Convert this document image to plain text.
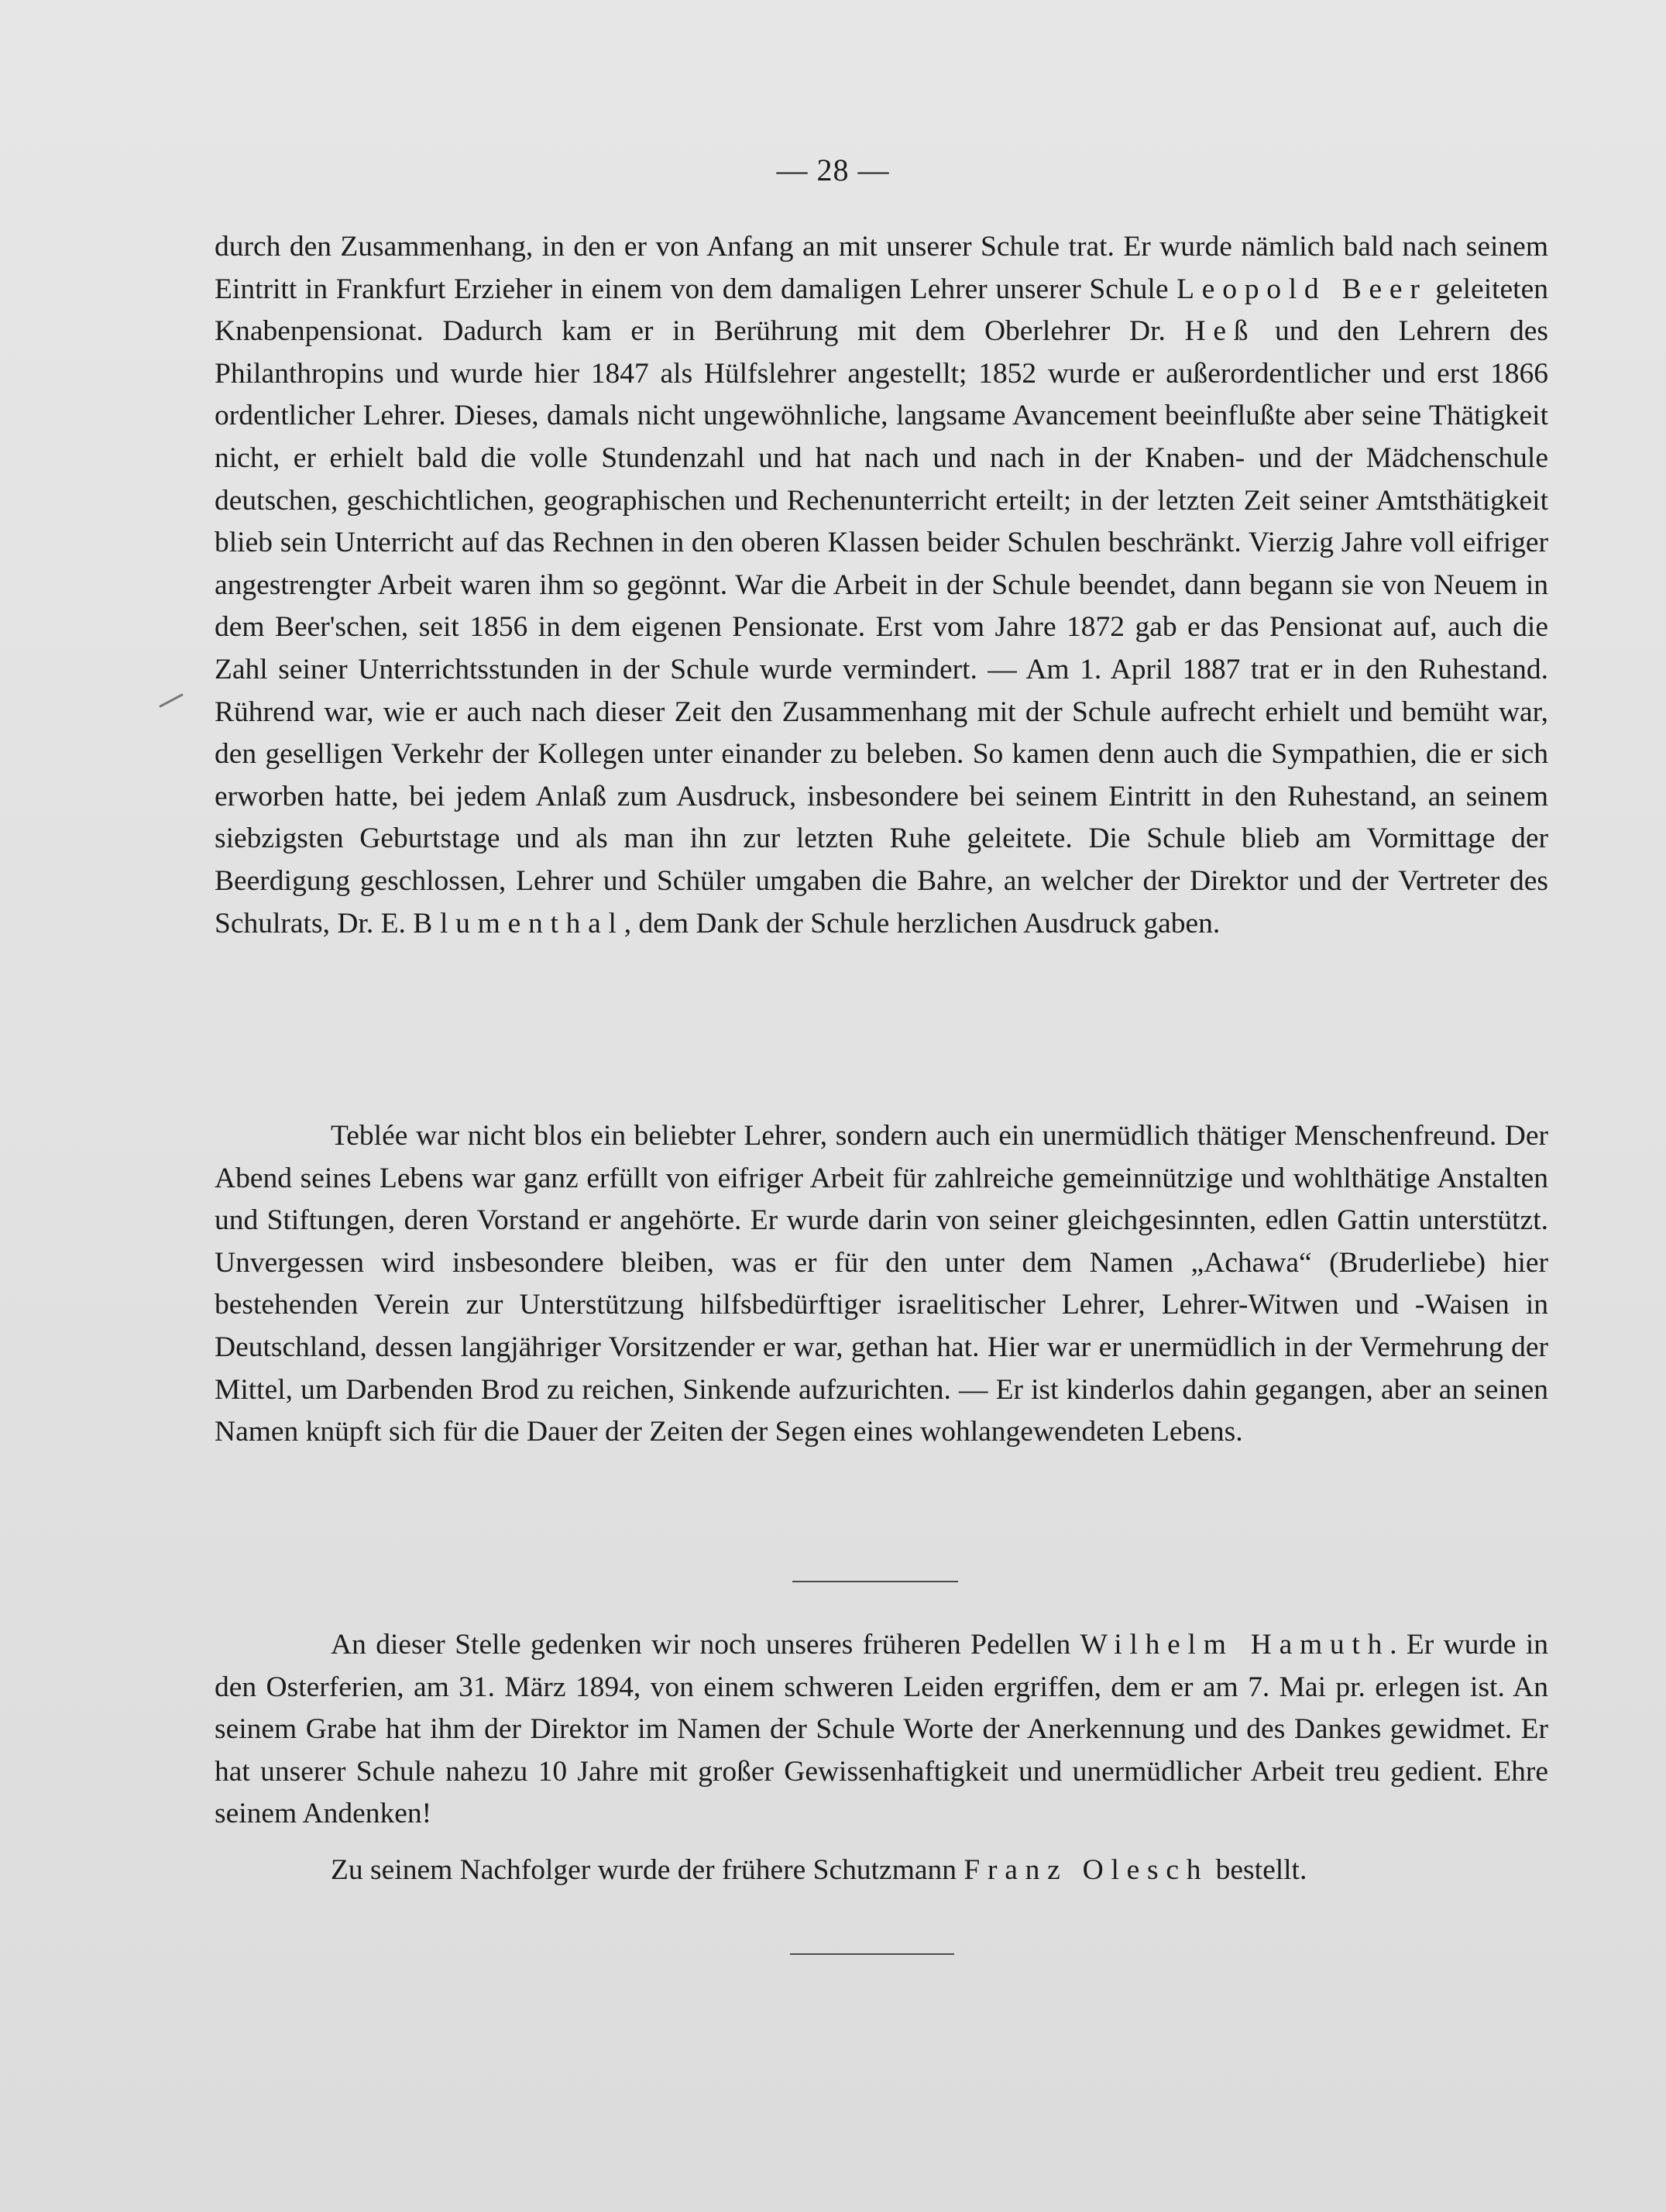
— 28 —

durch den Zusammenhang, in den er von Anfang an mit unserer Schule trat. Er wurde nämlich bald nach seinem Eintritt in Frankfurt Erzieher in einem von dem damaligen Lehrer unserer Schule Leopold Beer geleiteten Knabenpensionat. Dadurch kam er in Berührung mit dem Oberlehrer Dr. Heß und den Lehrern des Philanthropins und wurde hier 1847 als Hülfslehrer angestellt; 1852 wurde er außerordentlicher und erst 1866 ordentlicher Lehrer. Dieses, damals nicht ungewöhnliche, langsame Avancement beeinflußte aber seine Thätigkeit nicht, er erhielt bald die volle Stundenzahl und hat nach und nach in der Knaben- und der Mädchenschule deutschen, geschichtlichen, geographischen und Rechenunterricht erteilt; in der letzten Zeit seiner Amtsthätigkeit blieb sein Unterricht auf das Rechnen in den oberen Klassen beider Schulen beschränkt. Vierzig Jahre voll eifriger angestrengter Arbeit waren ihm so gegönnt. War die Arbeit in der Schule beendet, dann begann sie von Neuem in dem Beer'schen, seit 1856 in dem eigenen Pensionate. Erst vom Jahre 1872 gab er das Pensionat auf, auch die Zahl seiner Unterrichtsstunden in der Schule wurde vermindert. — Am 1. April 1887 trat er in den Ruhestand. Rührend war, wie er auch nach dieser Zeit den Zusammenhang mit der Schule aufrecht erhielt und bemüht war, den geselligen Verkehr der Kollegen unter einander zu beleben. So kamen denn auch die Sympathien, die er sich erworben hatte, bei jedem Anlaß zum Ausdruck, insbesondere bei seinem Eintritt in den Ruhestand, an seinem siebzigsten Geburtstage und als man ihn zur letzten Ruhe geleitete. Die Schule blieb am Vormittage der Beerdigung geschlossen, Lehrer und Schüler umgaben die Bahre, an welcher der Direktor und der Vertreter des Schulrats, Dr. E. Blumenthal, dem Dank der Schule herzlichen Ausdruck gaben.

Teblée war nicht blos ein beliebter Lehrer, sondern auch ein unermüdlich thätiger Menschenfreund. Der Abend seines Lebens war ganz erfüllt von eifriger Arbeit für zahlreiche gemeinnützige und wohlthätige Anstalten und Stiftungen, deren Vorstand er angehörte. Er wurde darin von seiner gleichgesinnten, edlen Gattin unterstützt. Unvergessen wird insbesondere bleiben, was er für den unter dem Namen „Achawa“ (Bruderliebe) hier bestehenden Verein zur Unterstützung hilfsbedürftiger israelitischer Lehrer, Lehrer-Witwen und -Waisen in Deutschland, dessen langjähriger Vorsitzender er war, gethan hat. Hier war er unermüdlich in der Vermehrung der Mittel, um Darbenden Brod zu reichen, Sinkende aufzurichten. — Er ist kinderlos dahin gegangen, aber an seinen Namen knüpft sich für die Dauer der Zeiten der Segen eines wohlangewendeten Lebens.

An dieser Stelle gedenken wir noch unseres früheren Pedellen Wilhelm Hamuth. Er wurde in den Osterferien, am 31. März 1894, von einem schweren Leiden ergriffen, dem er am 7. Mai pr. erlegen ist. An seinem Grabe hat ihm der Direktor im Namen der Schule Worte der Anerkennung und des Dankes gewidmet. Er hat unserer Schule nahezu 10 Jahre mit großer Gewissenhaftigkeit und unermüdlicher Arbeit treu gedient. Ehre seinem Andenken!

Zu seinem Nachfolger wurde der frühere Schutzmann Franz Olesch bestellt.
